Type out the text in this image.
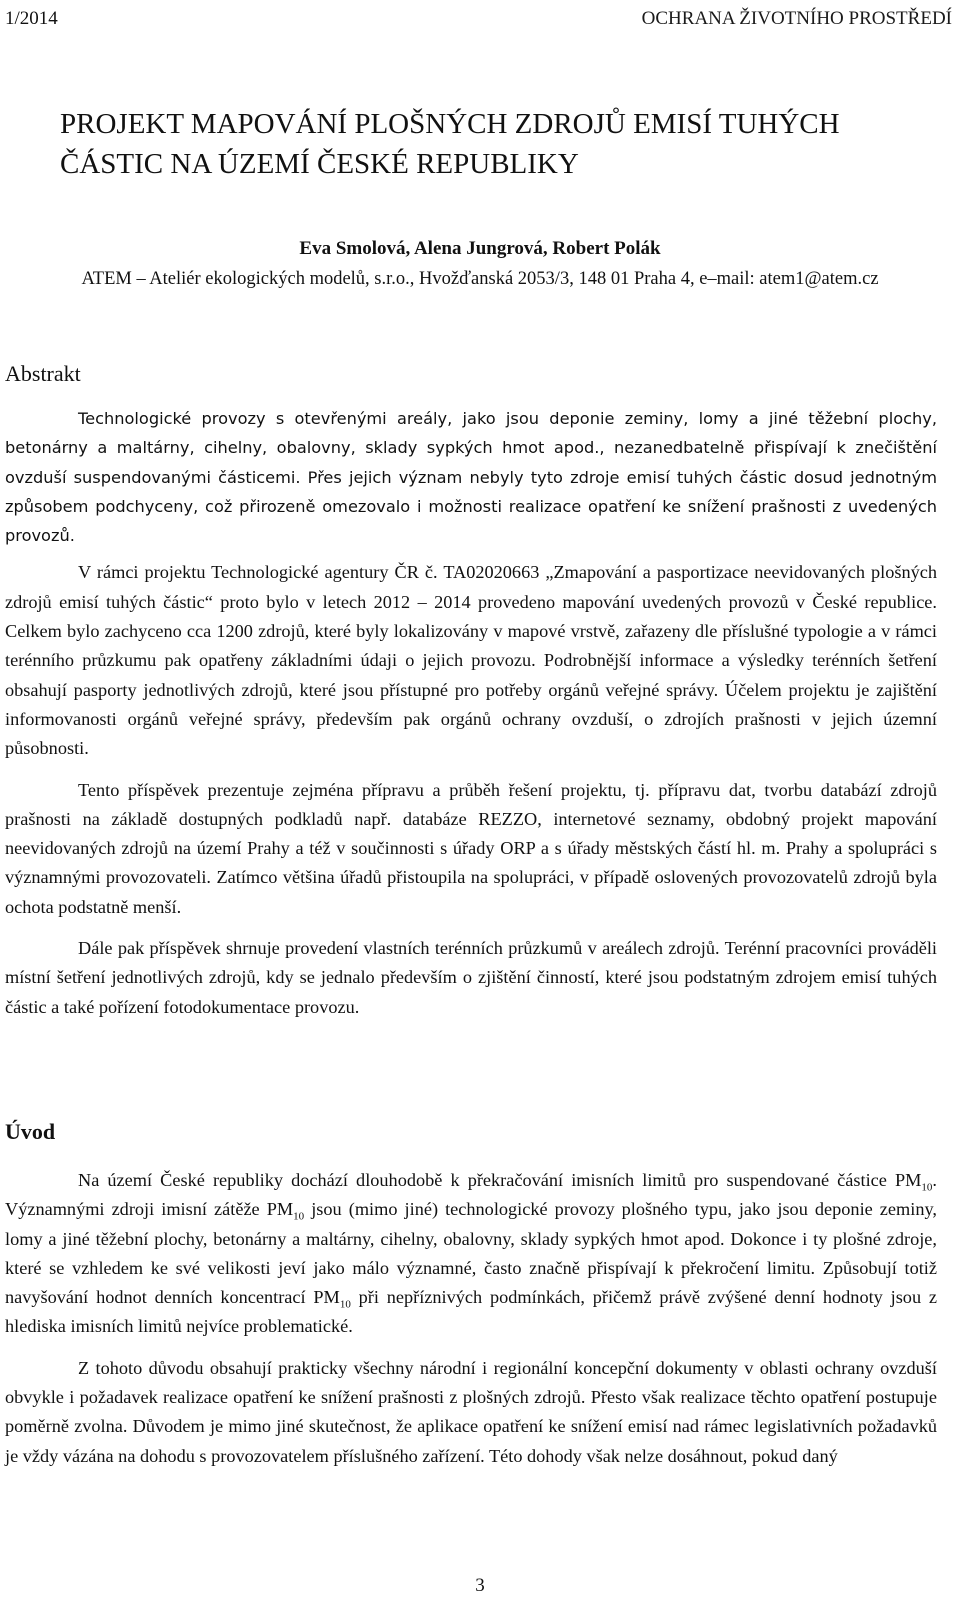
1/2014	OCHRANA ŽIVOTNÍHO PROSTŘEDÍ
PROJEKT MAPOVÁNÍ PLOŠNÝCH ZDROJŮ EMISÍ TUHÝCH
ČÁSTIC NA ÚZEMÍ ČESKÉ REPUBLIKY
Eva Smolová, Alena Jungrová, Robert Polák
ATEM – Ateliér ekologických modelů, s.r.o., Hvožďanská 2053/3, 148 01 Praha 4, e–mail: atem1@atem.cz
Abstrakt

Technologické provozy s otevřenými areály, jako jsou deponie zeminy, lomy a jiné těžební plochy, betonárny a maltárny, cihelny, obalovny, sklady sypkých hmot apod., nezanedbatelně přispívají k znečištění ovzduší suspendovanými částicemi. Přes jejich význam nebyly tyto zdroje emisí tuhých částic dosud jednotným způsobem podchyceny, což přirozeně omezovalo i možnosti realizace opatření ke snížení prašnosti z uvedených provozů.

V rámci projektu Technologické agentury ČR č. TA02020663 „Zmapování a pasportizace neevidovaných plošných zdrojů emisí tuhých částic“ proto bylo v letech 2012 – 2014 provedeno mapování uvedených provozů v České republice. Celkem bylo zachyceno cca 1200 zdrojů, které byly lokalizovány v mapové vrstvě, zařazeny dle příslušné typologie a v rámci terénního průzkumu pak opatřeny základními údaji o jejich provozu. Podrobnější informace a výsledky terénních šetření obsahují pasporty jednotlivých zdrojů, které jsou přístupné pro potřeby orgánů veřejné správy. Účelem projektu je zajištění informovanosti orgánů veřejné správy, především pak orgánů ochrany ovzduší, o zdrojích prašnosti v jejich územní působnosti.

Tento příspěvek prezentuje zejména přípravu a průběh řešení projektu, tj. přípravu dat, tvorbu databází zdrojů prašnosti na základě dostupných podkladů např. databáze REZZO, internetové seznamy, obdobný projekt mapování neevidovaných zdrojů na území Prahy a též v součinnosti s úřady ORP a s úřady městských částí hl. m. Prahy a spolupráci s významnými provozovateli. Zatímco většina úřadů přistoupila na spolupráci, v případě oslovených provozovatelů zdrojů byla ochota podstatně menší.

Dále pak příspěvek shrnuje provedení vlastních terénních průzkumů v areálech zdrojů. Terénní pracovníci prováděli místní šetření jednotlivých zdrojů, kdy se jednalo především o zjištění činností, které jsou podstatným zdrojem emisí tuhých částic a také pořízení fotodokumentace provozu.

Úvod

Na území České republiky dochází dlouhodobě k překračování imisních limitů pro suspendované částice $PM_{10}$. Významnými zdroji imisní zátěže $PM_{10}$ jsou (mimo jiné) technologické provozy plošného typu, jako jsou deponie zeminy, lomy a jiné těžební plochy, betonárny a maltárny, cihelny, obalovny, sklady sypkých hmot apod. Dokonce i ty plošné zdroje, které se vzhledem ke své velikosti jeví jako málo významné, často značně přispívají k překročení limitu. Způsobují totiž navyšování hodnot denních koncentrací $PM_{10}$ při nepříznivých podmínkách, přičemž právě zvýšené denní hodnoty jsou z hlediska imisních limitů nejvíce problematické.

Z tohoto důvodu obsahují prakticky všechny národní i regionální koncepční dokumenty v oblasti ochrany ovzduší obvykle i požadavek realizace opatření ke snížení prašnosti z plošných zdrojů. Přesto však realizace těchto opatření postupuje poměrně zvolna. Důvodem je mimo jiné skutečnost, že aplikace opatření ke snížení emisí nad rámec legislativních požadavků je vždy vázána na dohodu s provozovatelem příslušného zařízení. Této dohody však nelze dosáhnout, pokud daný

3
